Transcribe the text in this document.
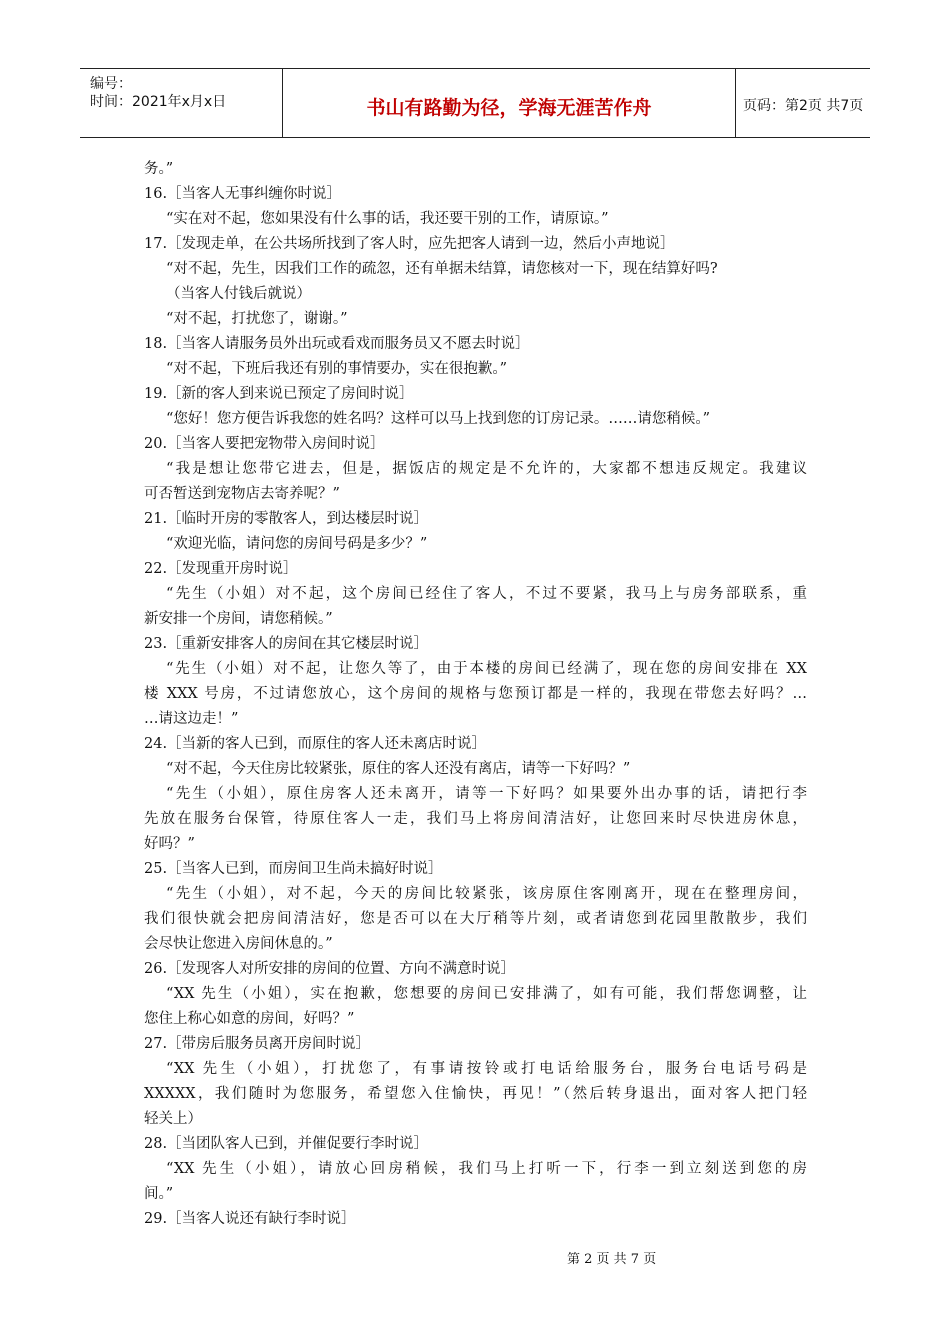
编号：
时间：2021年x月x日	书山有路勤为径，学海无涯苦作舟	页码：第2页 共7页
务。”
16.［当客人无事纠缠你时说］
“实在对不起，您如果没有什么事的话，我还要干别的工作，请原谅。”
17.［发现走单，在公共场所找到了客人时，应先把客人请到一边，然后小声地说］
“对不起，先生，因我们工作的疏忽，还有单据未结算，请您核对一下，现在结算好吗?
（当客人付钱后就说）
“对不起，打扰您了，谢谢。”
18.［当客人请服务员外出玩或看戏而服务员又不愿去时说］
“对不起，下班后我还有别的事情要办，实在很抱歉。”
19.［新的客人到来说已预定了房间时说］
“您好！您方便告诉我您的姓名吗？这样可以马上找到您的订房记录。……请您稍候。”
20.［当客人要把宠物带入房间时说］
“我是想让您带它进去，但是，据饭店的规定是不允许的，大家都不想违反规定。我建议
可否暂送到宠物店去寄养呢？”
21.［临时开房的零散客人，到达楼层时说］
“欢迎光临，请问您的房间号码是多少？”
22.［发现重开房时说］
“先生（小姐）对不起，这个房间已经住了客人，不过不要紧，我马上与房务部联系，重
新安排一个房间，请您稍候。”
23.［重新安排客人的房间在其它楼层时说］
“先生（小姐）对不起，让您久等了，由于本楼的房间已经满了，现在您的房间安排在 XX
楼 XXX 号房，不过请您放心，这个房间的规格与您预订都是一样的，我现在带您去好吗？…
…请这边走！”
24.［当新的客人已到，而原住的客人还未离店时说］
“对不起，今天住房比较紧张，原住的客人还没有离店，请等一下好吗？”
“先生（小姐），原住房客人还未离开，请等一下好吗？如果要外出办事的话，请把行李
先放在服务台保管，待原住客人一走，我们马上将房间清洁好，让您回来时尽快进房休息，
好吗？”
25.［当客人已到，而房间卫生尚未搞好时说］
“先生（小姐），对不起，今天的房间比较紧张，该房原住客刚离开，现在在整理房间，
我们很快就会把房间清洁好，您是否可以在大厅稍等片刻，或者请您到花园里散散步，我们
会尽快让您进入房间休息的。”
26.［发现客人对所安排的房间的位置、方向不满意时说］
“XX 先生（小姐），实在抱歉，您想要的房间已安排满了，如有可能，我们帮您调整，让
您住上称心如意的房间，好吗？”
27.［带房后服务员离开房间时说］
“XX 先生（小姐），打扰您了，有事请按铃或打电话给服务台，服务台电话号码是
XXXXX，我们随时为您服务，希望您入住愉快，再见！”（然后转身退出，面对客人把门轻
轻关上）
28.［当团队客人已到，并催促要行李时说］
“XX 先生（小姐），请放心回房稍候，我们马上打听一下，行李一到立刻送到您的房
间。”
29.［当客人说还有缺行李时说］
第 2 页 共 7 页
